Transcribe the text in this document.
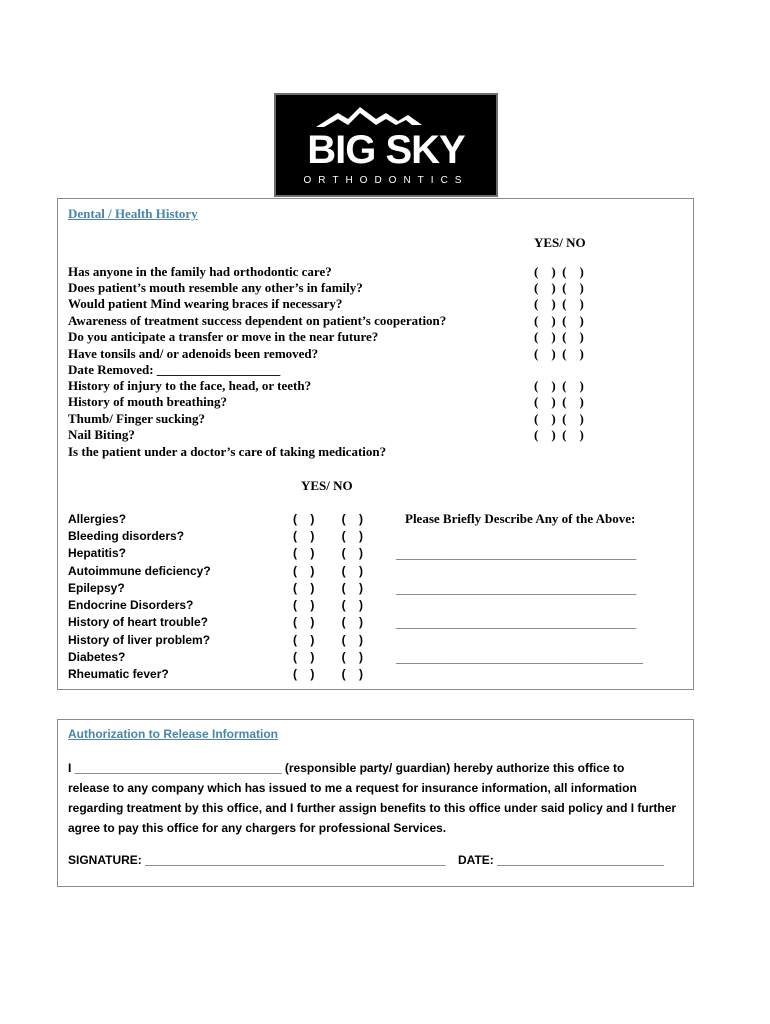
BIG SKY
ORTHODONTICS
Dental / Health History
YES/ NO
Has anyone in the family had orthodontic care?
Does patient’s mouth resemble any other’s in family?
Would patient Mind wearing braces if necessary?
Awareness of treatment success dependent on patient’s cooperation?
Do you anticipate a transfer or move in the near future?
Have tonsils and/ or adenoids been removed?
Date Removed: ___________________
History of injury to the face, head, or teeth?
History of mouth breathing?
Thumb/ Finger sucking?
Nail Biting?
Is the patient under a doctor’s care of taking medication?
(    )  (    )
(    )  (    )
(    )  (    )
(    )  (    )
(    )  (    )
(    )  (    )
(    )  (    )
(    )  (    )
(    )  (    )
(    )  (    )
YES/ NO
Allergies?
Bleeding disorders?
Hepatitis?
Autoimmune deficiency?
Epilepsy?
Endocrine Disorders?
History of heart trouble?
History of liver problem?
Diabetes?
Rheumatic fever?
(    ) (    )
(    ) (    )
(    ) (    )
(    ) (    )
(    ) (    )
(    ) (    )
(    ) (    )
(    ) (    )
(    ) (    )
(    ) (    )
Please Briefly Describe Any of the Above:
____________________________________
____________________________________
____________________________________
_____________________________________
Authorization to Release Information
I _______________________________ (responsible party/ guardian) hereby authorize this office to
release to any company which has issued to me a request for insurance information, all information
regarding treatment by this office, and I further assign benefits to this office under said policy and I further
agree to pay this office for any chargers for professional Services.
SIGNATURE: _____________________________________________ DATE: _________________________
